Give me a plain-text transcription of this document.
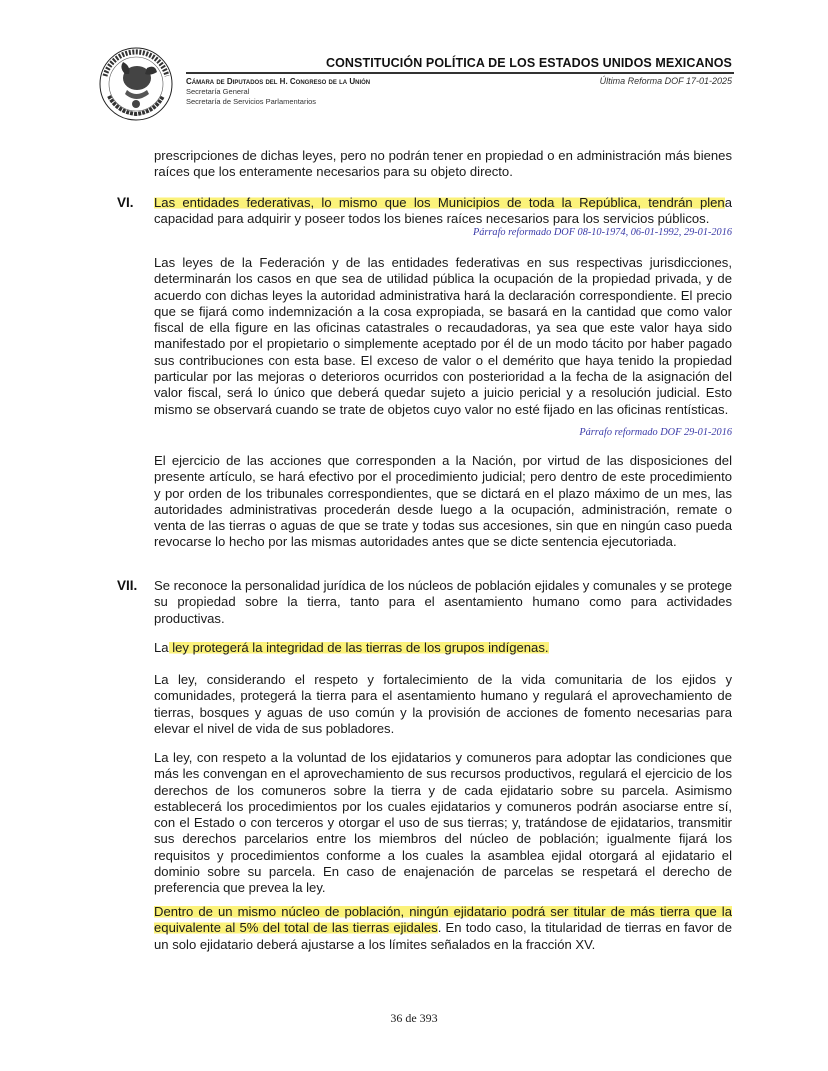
CONSTITUCIÓN POLÍTICA DE LOS ESTADOS UNIDOS MEXICANOS
Cámara de Diputados del H. Congreso de la Unión
Secretaría General
Secretaría de Servicios Parlamentarios
Última Reforma DOF 17-01-2025
prescripciones de dichas leyes, pero no podrán tener en propiedad o en administración más bienes raíces que los enteramente necesarios para su objeto directo.
VI. Las entidades federativas, lo mismo que los Municipios de toda la República, tendrán plena capacidad para adquirir y poseer todos los bienes raíces necesarios para los servicios públicos.
Párrafo reformado DOF 08-10-1974, 06-01-1992, 29-01-2016
Las leyes de la Federación y de las entidades federativas en sus respectivas jurisdicciones, determinarán los casos en que sea de utilidad pública la ocupación de la propiedad privada, y de acuerdo con dichas leyes la autoridad administrativa hará la declaración correspondiente. El precio que se fijará como indemnización a la cosa expropiada, se basará en la cantidad que como valor fiscal de ella figure en las oficinas catastrales o recaudadoras, ya sea que este valor haya sido manifestado por el propietario o simplemente aceptado por él de un modo tácito por haber pagado sus contribuciones con esta base. El exceso de valor o el demérito que haya tenido la propiedad particular por las mejoras o deterioros ocurridos con posterioridad a la fecha de la asignación del valor fiscal, será lo único que deberá quedar sujeto a juicio pericial y a resolución judicial. Esto mismo se observará cuando se trate de objetos cuyo valor no esté fijado en las oficinas rentísticas.
Párrafo reformado DOF 29-01-2016
El ejercicio de las acciones que corresponden a la Nación, por virtud de las disposiciones del presente artículo, se hará efectivo por el procedimiento judicial; pero dentro de este procedimiento y por orden de los tribunales correspondientes, que se dictará en el plazo máximo de un mes, las autoridades administrativas procederán desde luego a la ocupación, administración, remate o venta de las tierras o aguas de que se trate y todas sus accesiones, sin que en ningún caso pueda revocarse lo hecho por las mismas autoridades antes que se dicte sentencia ejecutoriada.
VII. Se reconoce la personalidad jurídica de los núcleos de población ejidales y comunales y se protege su propiedad sobre la tierra, tanto para el asentamiento humano como para actividades productivas.
La ley protegerá la integridad de las tierras de los grupos indígenas.
La ley, considerando el respeto y fortalecimiento de la vida comunitaria de los ejidos y comunidades, protegerá la tierra para el asentamiento humano y regulará el aprovechamiento de tierras, bosques y aguas de uso común y la provisión de acciones de fomento necesarias para elevar el nivel de vida de sus pobladores.
La ley, con respeto a la voluntad de los ejidatarios y comuneros para adoptar las condiciones que más les convengan en el aprovechamiento de sus recursos productivos, regulará el ejercicio de los derechos de los comuneros sobre la tierra y de cada ejidatario sobre su parcela. Asimismo establecerá los procedimientos por los cuales ejidatarios y comuneros podrán asociarse entre sí, con el Estado o con terceros y otorgar el uso de sus tierras; y, tratándose de ejidatarios, transmitir sus derechos parcelarios entre los miembros del núcleo de población; igualmente fijará los requisitos y procedimientos conforme a los cuales la asamblea ejidal otorgará al ejidatario el dominio sobre su parcela. En caso de enajenación de parcelas se respetará el derecho de preferencia que prevea la ley.
Dentro de un mismo núcleo de población, ningún ejidatario podrá ser titular de más tierra que la equivalente al 5% del total de las tierras ejidales. En todo caso, la titularidad de tierras en favor de un solo ejidatario deberá ajustarse a los límites señalados en la fracción XV.
36 de 393
